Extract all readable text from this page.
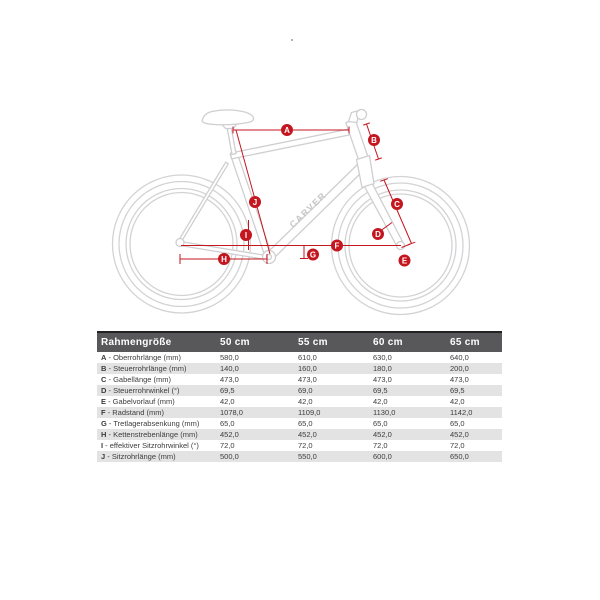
CARVER
A
B
C
D
E
F
G
H
I
J
Rahmengröße	50 cm	55 cm	60 cm	65 cm
A - Oberrohrlänge (mm)	580,0	610,0	630,0	640,0
B - Steuerrohrlänge (mm)	140,0	160,0	180,0	200,0
C - Gabellänge (mm)	473,0	473,0	473,0	473,0
D - Steuerrohrwinkel (°)	69,5	69,0	69,5	69,5
E - Gabelvorlauf (mm)	42,0	42,0	42,0	42,0
F - Radstand (mm)	1078,0	1109,0	1130,0	1142,0
G - Tretlagerabsenkung (mm)	65,0	65,0	65,0	65,0
H - Kettenstrebenlänge (mm)	452,0	452,0	452,0	452,0
I - effektiver Sitzrohrwinkel (°)	72,0	72,0	72,0	72,0
J - Sitzrohrlänge (mm)	500,0	550,0	600,0	650,0
